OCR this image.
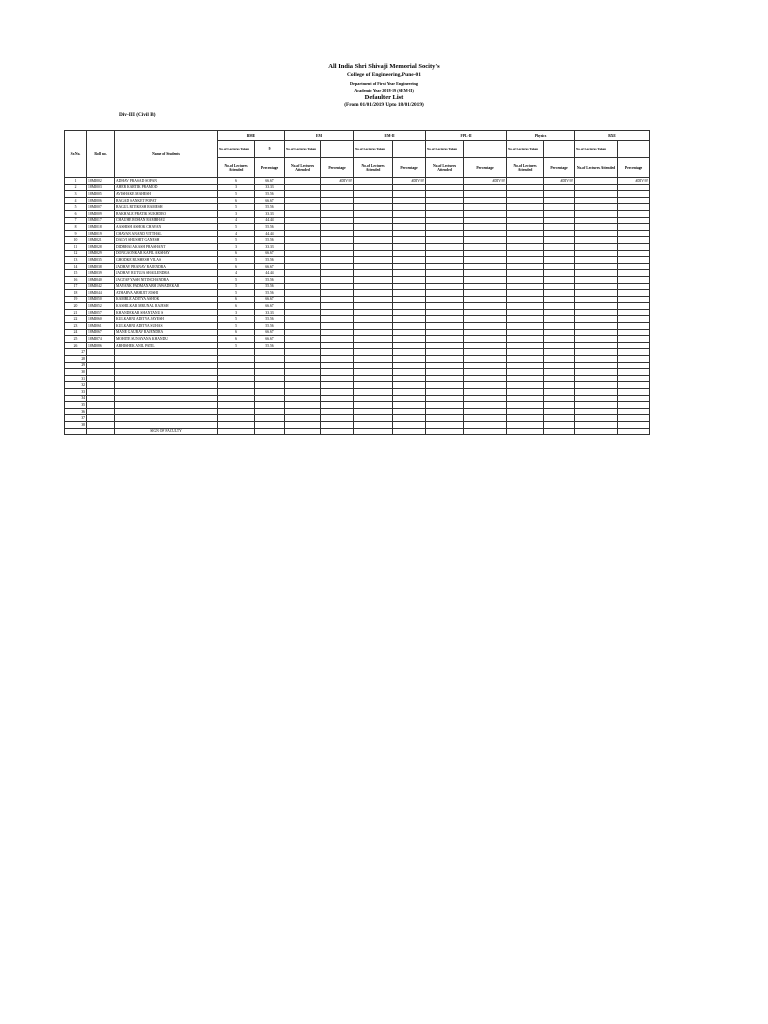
All India Shri Shivaji Memorial Socity's
College of Engineering,Pune-01
Department of First Year Engineering
Academic Year 2018-19 (SEM-II)
Defaulter List
(From 01/01/2019 Upto 18/01/2019)
Div-III (Civil B)
Sr.No.	Roll no.	Name of Students	BME		EM		EM-II		FPL-II		Physics		BXE	
			No.of Lectures Taken	9	No.of Lectures Taken		No.of Lectures Taken		No.of Lectures Taken		No.of Lectures Taken		No.of Lectures Taken	
			No.of Lectures Attended	Percentage	No.of Lectures Attended	Percentage	No.of Lectures Attended	Percentage	No.of Lectures Attended	Percentage	No.of Lectures Attended	Percentage	No.of Lectures Attended	Percentage
1	18MI002	ADHAV PRASAD SOPAN	6	66.67		#DIV/0!		#DIV/0!		#DIV/0!		#DIV/0!		#DIV/0!
2	18MI003	AHER KARTIK PRAMOD	3	33.33										
3	18MI005	AVISHAKE MAHESH	5	55.56										
4	18MI006	BAGAD SANKET POPAT	6	66.67										
5	18MI007	BAGUL RITIKESH RAMESH	5	55.56										
6	18MI009	BAKHALE PRATIK SUKHDEO	3	33.33										
7	18MI017	CHAUHE ROHAN RAMBHAU	4	44.44										
8	18MI018	AASHISH ASHOK CHAVAN	5	55.56										
9	18MI019	CHAVAN ANAND VITTHAL	4	44.44										
10	18MI021	DALVI SHUSHIT GANESH	5	55.56										
11	18MI028	DIDBHAI AKASH PRASHANT	3	33.33										
12	18MI029	DONGAONKAR KAPIL AKSHAY	6	66.67										
13	18MI035	GHODKE RUSHESH VILAS	5	55.56										
14	18MI038	JADHAV PRANAV RAJENDRA	6	66.67										
15	18MI039	JADHAV RUTUJA SHAILENDRA	4	44.44										
16	18MI040	JAGTAP YASH NITINCHANDRA	5	55.56										
17	18MI042	MAYANK PADMANABH JAWADEKAR	5	55.56										
18	18MI044	ATHARVA ABHIJIT JOSHI	5	55.56										
19	18MI050	KAMBLE ADITYA ASHOK	6	66.67										
20	18MI052	KASHILKAR MRUNAL RAJESH	6	66.67										
21	18MI057	KHANDEKAR SHANTANU S	3	33.33										
22	18MI060	KULKARNI ADITYA JAYESH	5	55.56										
23	18MI061	KULKARNI ADITYA SUHAS	5	55.56										
24	18MI067	MANE GAURAV RAJENDRA	6	66.67										
25	18MI074	MOHITE SUNAYANA KHANDU	6	66.67										
26	18MI086	ABHISHEK ANIL PATIL	5	55.56										
27														
28														
29														
30														
31														
32														
33														
34														
35														
36														
37														
38														
		SIGN OF FACULTY												
